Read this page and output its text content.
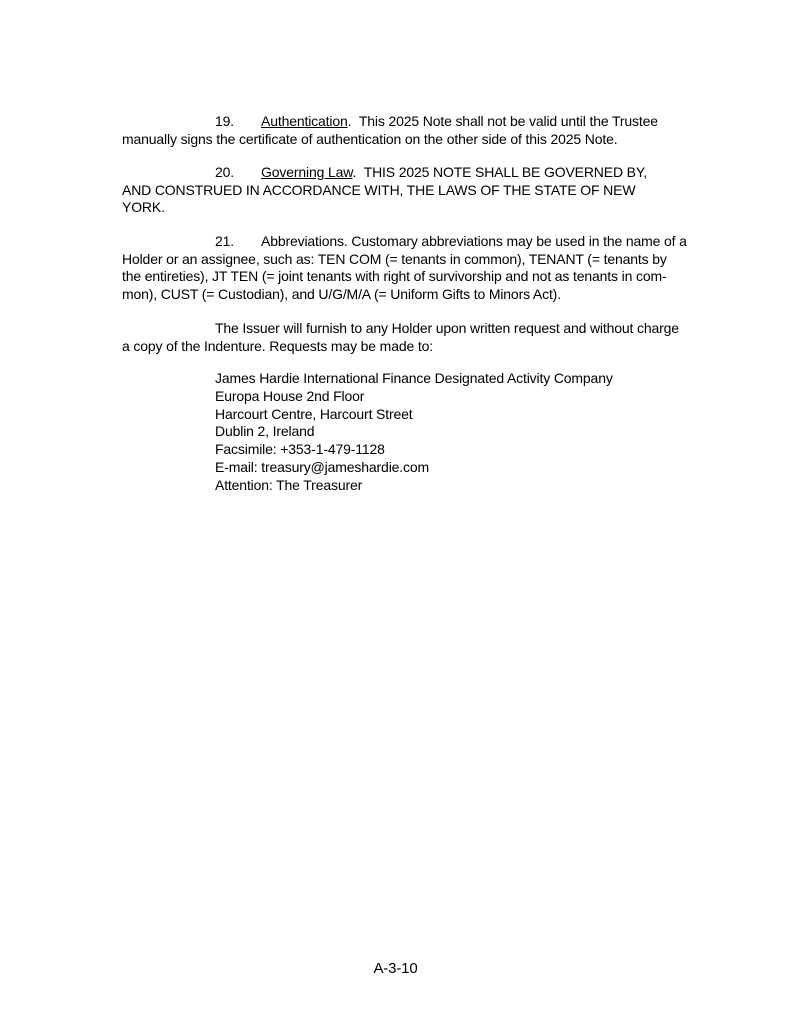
19. Authentication. This 2025 Note shall not be valid until the Trustee
manually signs the certificate of authentication on the other side of this 2025 Note.
20. Governing Law. THIS 2025 NOTE SHALL BE GOVERNED BY,
AND CONSTRUED IN ACCORDANCE WITH, THE LAWS OF THE STATE OF NEW
YORK.
21. Abbreviations. Customary abbreviations may be used in the name of a
Holder or an assignee, such as: TEN COM (= tenants in common), TENANT (= tenants by
the entireties), JT TEN (= joint tenants with right of survivorship and not as tenants in com-
mon), CUST (= Custodian), and U/G/M/A (= Uniform Gifts to Minors Act).
The Issuer will furnish to any Holder upon written request and without charge
a copy of the Indenture. Requests may be made to:
James Hardie International Finance Designated Activity Company
Europa House 2nd Floor
Harcourt Centre, Harcourt Street
Dublin 2, Ireland
Facsimile: +353-1-479-1128
E-mail: treasury@jameshardie.com
Attention: The Treasurer
A-3-10
